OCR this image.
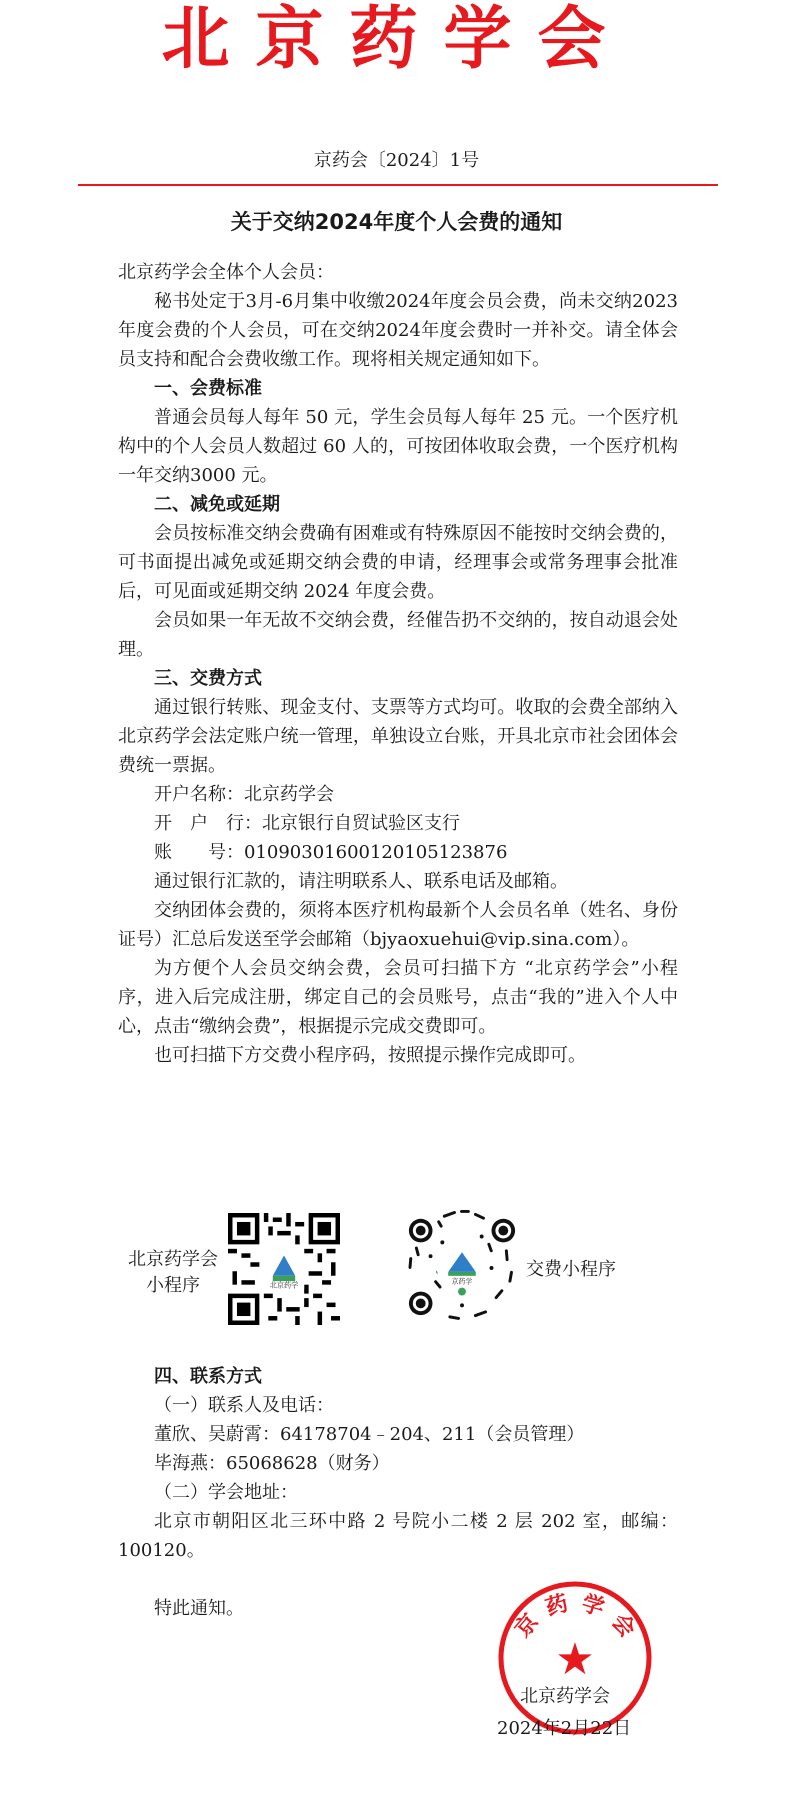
北京药学会
京药会〔2024〕1号
关于交纳2024年度个人会费的通知

北京药学会全体个人会员：

秘书处定于3月-6月集中收缴2024年度会员会费，尚未交纳2023年度会费的个人会员，可在交纳2024年度会费时一并补交。请全体会员支持和配合会费收缴工作。现将相关规定通知如下。

一、会费标准

普通会员每人每年 50 元，学生会员每人每年 25 元。一个医疗机构中的个人会员人数超过 60 人的，可按团体收取会费，一个医疗机构一年交纳3000 元。

二、减免或延期

会员按标准交纳会费确有困难或有特殊原因不能按时交纳会费的，可书面提出减免或延期交纳会费的申请，经理事会或常务理事会批准后，可见面或延期交纳 2024 年度会费。

会员如果一年无故不交纳会费，经催告扔不交纳的，按自动退会处理。

三、交费方式

通过银行转账、现金支付、支票等方式均可。收取的会费全部纳入北京药学会法定账户统一管理，单独设立台账，开具北京市社会团体会费统一票据。

开户名称：北京药学会

开　户　行：北京银行自贸试验区支行

账　　号：01090301600120105123876

通过银行汇款的，请注明联系人、联系电话及邮箱。

交纳团体会费的，须将本医疗机构最新个人会员名单（姓名、身份证号）汇总后发送至学会邮箱（bjyaoxuehui@vip.sina.com）。

为方便个人会员交纳会费，会员可扫描下方 “北京药学会”小程序，进入后完成注册，绑定自己的会员账号，点击“我的”进入个人中心，点击“缴纳会费”，根据提示完成交费即可。

也可扫描下方交费小程序码，按照提示操作完成即可。

北京药学会
小程序	北京药学	京药学
交费小程序

四、联系方式

（一）联系人及电话：

董欣、吴蔚霄：64178704﹣204、211（会员管理）

毕海燕：65068628（财务）

（二）学会地址：

北京市朝阳区北三环中路 2 号院小二楼 2 层 202 室，邮编：100120。

特此通知。

★
京
药 学
会
北京药学会
2024年2月22日
